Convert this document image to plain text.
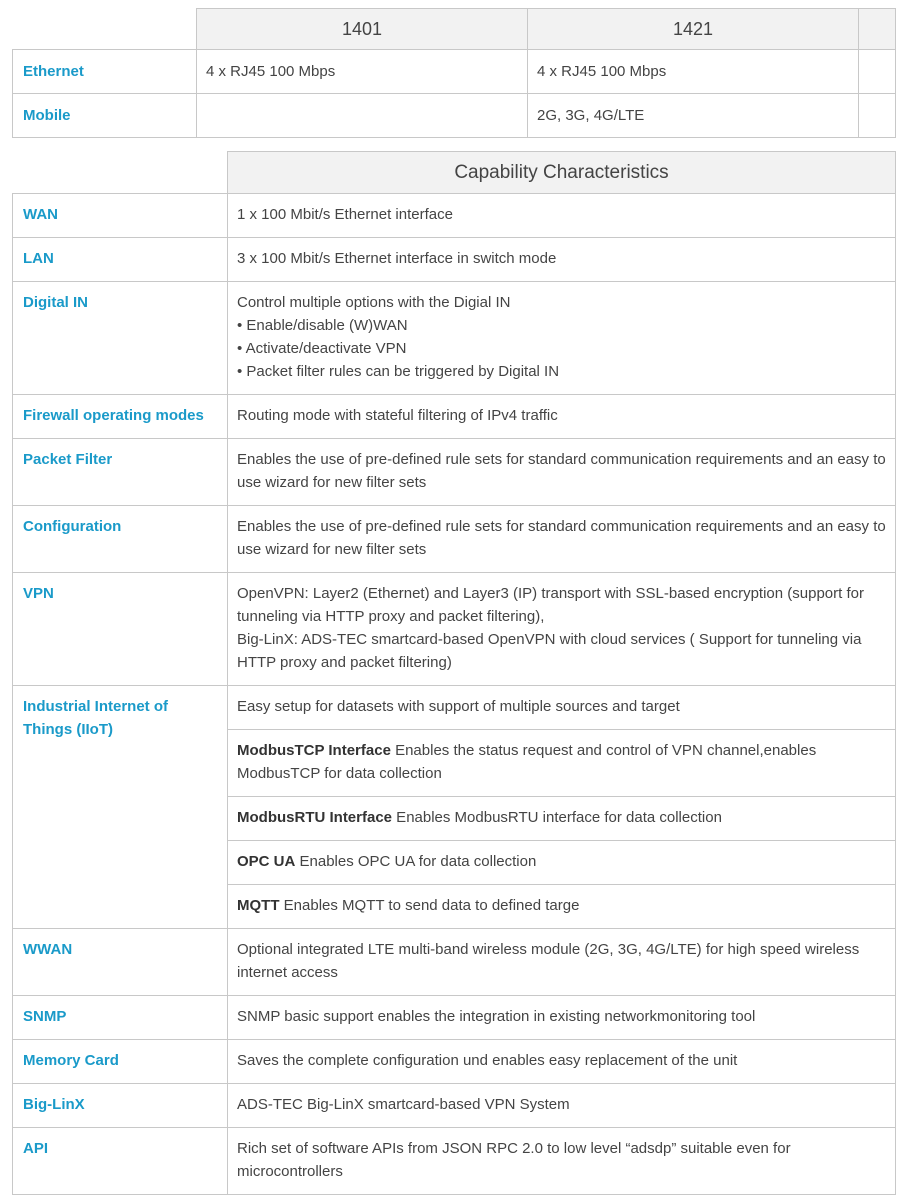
	1401	1421	
Ethernet	4 x RJ45 100 Mbps	4 x RJ45 100 Mbps	
Mobile		2G, 3G, 4G/LTE	
	Capability Characteristics
WAN	1 x 100 Mbit/s Ethernet interface
LAN	3 x 100 Mbit/s Ethernet interface in switch mode
Digital IN	Control multiple options with the Digial IN
• Enable/disable (W)WAN
• Activate/deactivate VPN
• Packet filter rules can be triggered by Digital IN

Firewall operating modes	Routing mode with stateful filtering of IPv4 traffic
Packet Filter	Enables the use of pre-defined rule sets for standard communication requirements and an easy to use wizard for new filter sets
Configuration	Enables the use of pre-defined rule sets for standard communication requirements and an easy to use wizard for new filter sets
VPN	OpenVPN: Layer2 (Ethernet) and Layer3 (IP) transport with SSL-based encryption (support for tunneling via HTTP proxy and packet filtering),
Big-LinX: ADS-TEC smartcard-based OpenVPN with cloud services ( Support for tunneling via HTTP proxy and packet filtering)

Industrial Internet of Things (IIoT)	Easy setup for datasets with support of multiple sources and target
	ModbusTCP Interface Enables the status request and control of VPN channel,enables ModbusTCP for data collection
	ModbusRTU Interface Enables ModbusRTU interface for data collection
	OPC UA Enables OPC UA for data collection
	MQTT Enables MQTT to send data to defined targe
WWAN	Optional integrated LTE multi-band wireless module (2G, 3G, 4G/LTE) for high speed wireless internet access
SNMP	SNMP basic support enables the integration in existing networkmonitoring tool
Memory Card	Saves the complete configuration und enables easy replacement of the unit
Big-LinX	ADS-TEC Big-LinX smartcard-based VPN System
API	Rich set of software APIs from JSON RPC 2.0 to low level “adsdp” suitable even for microcontrollers
